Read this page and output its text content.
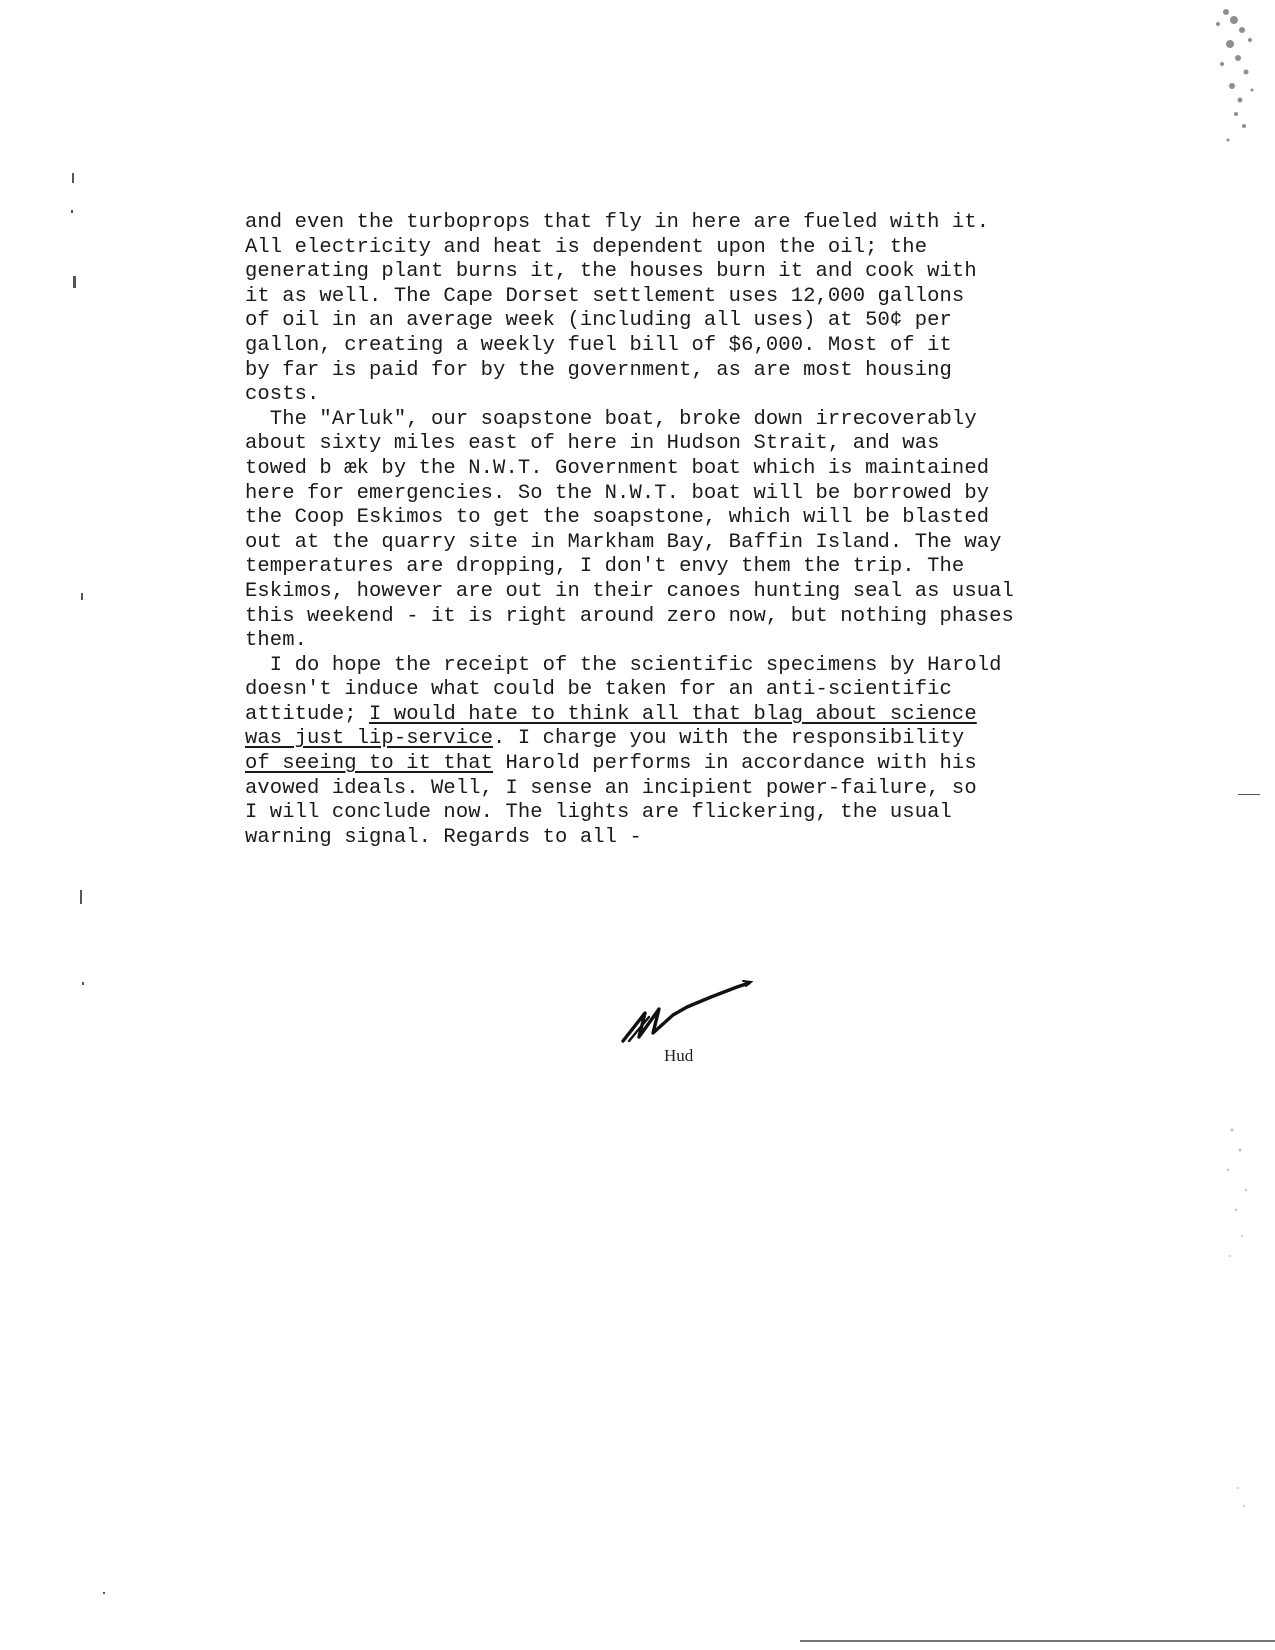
and even the turboprops that fly in here are fueled with it.
All electricity and heat is dependent upon the oil; the
generating plant burns it, the houses burn it and cook with
it as well. The Cape Dorset settlement uses 12,000 gallons
of oil in an average week (including all uses) at 50¢ per
gallon, creating a weekly fuel bill of $6,000. Most of it
by far is paid for by the government, as are most housing
costs.
The "Arluk", our soapstone boat, broke down irrecoverably
about sixty miles east of here in Hudson Strait, and was
towed b æk by the N.W.T. Government boat which is maintained
here for emergencies. So the N.W.T. boat will be borrowed by
the Coop Eskimos to get the soapstone, which will be blasted
out at the quarry site in Markham Bay, Baffin Island. The way
temperatures are dropping, I don't envy them the trip. The
Eskimos, however are out in their canoes hunting seal as usual
this weekend - it is right around zero now, but nothing phases
them.
I do hope the receipt of the scientific specimens by Harold
doesn't induce what could be taken for an anti-scientific
attitude; I would hate to think all that blag about science
was just lip-service. I charge you with the responsibility
of seeing to it that Harold performs in accordance with his
avowed ideals. Well, I sense an incipient power-failure, so
I will conclude now. The lights are flickering, the usual
warning signal. Regards to all -
Hud
